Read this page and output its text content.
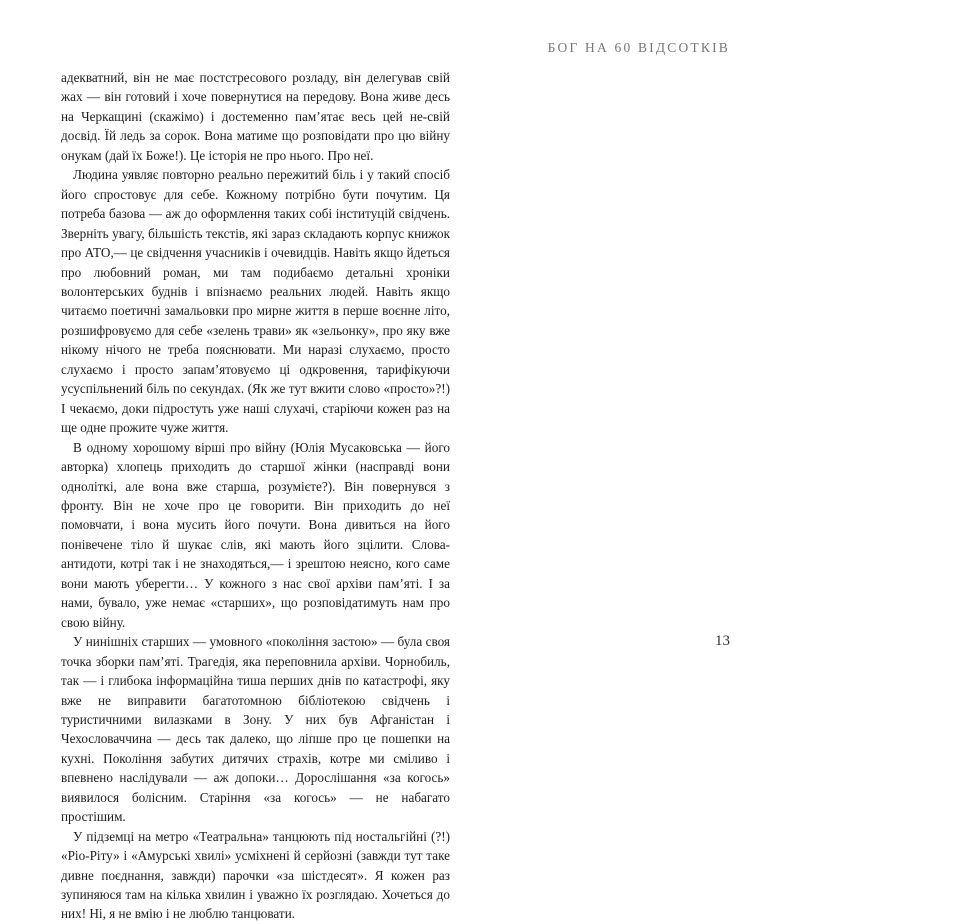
БОГ НА 60 ВІДСОТКІВ

адекватний, він не має постстресового розладу, він делегував свій жах — він готовий і хоче повернутися на передову. Вона живе десь на Черкащині (скажімо) і достеменно пам’ятає весь цей не-свій досвід. Їй ледь за сорок. Вона матиме що розповідати про цю війну онукам (дай їх Боже!). Це історія не про нього. Про неї.

Людина уявляє повторно реально пережитий біль і у такий спосіб його спростовує для себе. Кожному потрібно бути почутим. Ця потреба базова — аж до оформлення таких собі інституцій свідчень. Зверніть увагу, більшість текстів, які зараз складають корпус книжок про АТО,— це свідчення учасників і очевидців. Навіть якщо йдеться про любовний роман, ми там подибаємо детальні хроніки волонтерських буднів і впізнаємо реальних людей. Навіть якщо читаємо поетичні замальовки про мирне життя в перше воєнне літо, розшифровуємо для себе «зелень трави» як «зельонку», про яку вже нікому нічого не треба пояснювати. Ми наразі слухаємо, просто слухаємо і просто запам’ятовуємо ці одкровення, тарифікуючи усуспільнений біль по секундах. (Як же тут вжити слово «просто»?!) І чекаємо, доки підростуть уже наші слухачі, старіючи кожен раз на ще одне прожите чуже життя.

В одному хорошому вірші про війну (Юлія Мусаковська — його авторка) хлопець приходить до старшої жінки (насправді вони одноліткі, але вона вже старша, розумієте?). Він повернувся з фронту. Він не хоче про це говорити. Він приходить до неї помовчати, і вона мусить його почути. Вона дивиться на його понівечене тіло й шукає слів, які мають його зцілити. Слова-антидоти, котрі так і не знаходяться,— і зрештою неясно, кого саме вони мають уберегти… У кожного з нас свої архіви пам’яті. І за нами, бувало, уже немає «старших», що розповідатимуть нам про свою війну.

У нинішніх старших — умовного «покоління застою» — була своя точка зборки пам’яті. Трагедія, яка переповнила архіви. Чорнобиль, так — і глибока інформаційна тиша перших днів по катастрофі, яку вже не виправити багатотомною бібліотекою свідчень і туристичними вилазками в Зону. У них був Афганістан і Чехословаччина — десь так далеко, що ліпше про це пошепки на кухні. Покоління забутих дитячих страхів, котре ми сміливо і впевнено наслідували — аж допоки… Дорослішання «за когось» виявилося болісним. Старіння «за когось» — не набагато простішим.

У підземці на метро «Театральна» танцюють під ностальгійні (?!) «Ріо-Ріту» і «Амурські хвилі» усміхнені й серйозні (завжди тут таке дивне поєднання, завжди) парочки «за шістдесят». Я кожен раз зупиняюся там на кілька хвилин і уважно їх розглядаю. Хочеться до них! Ні, я не вмію і не люблю танцювати.

13
